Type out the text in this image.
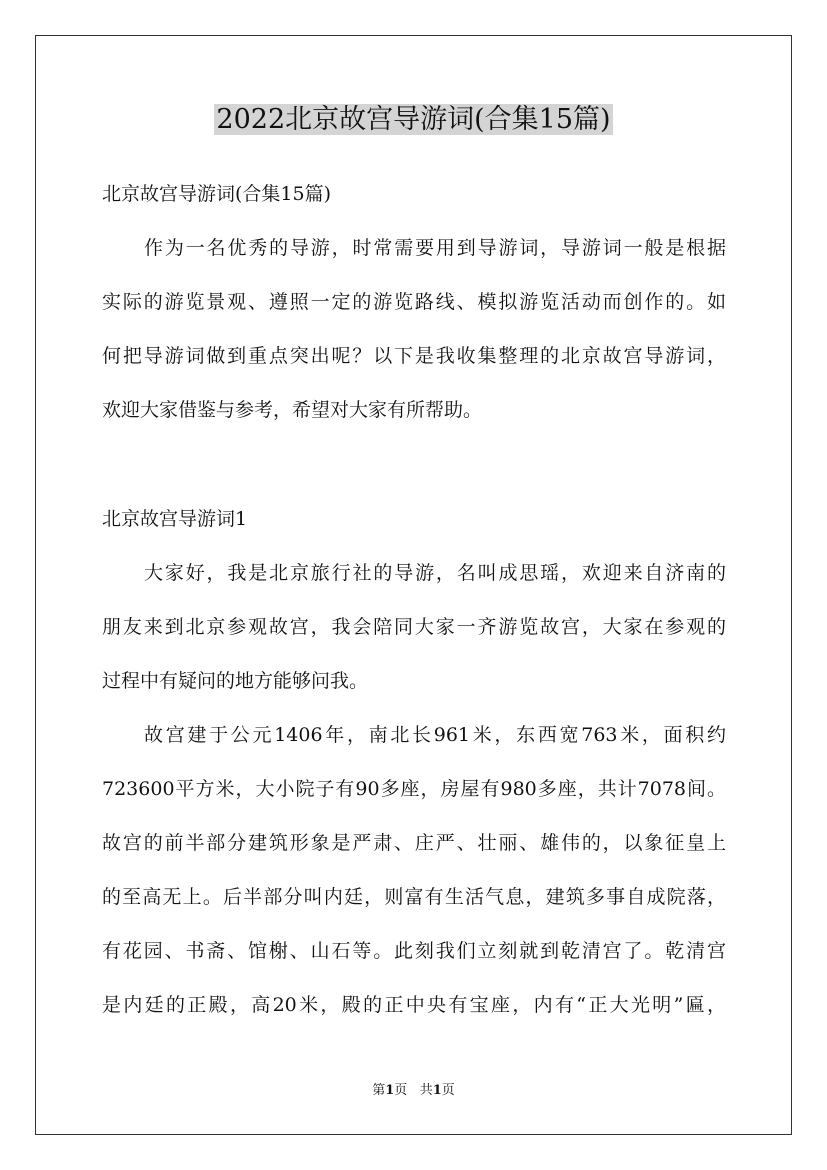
2022北京故宫导游词(合集15篇)

北京故宫导游词(合集15篇)

作为一名优秀的导游，时常需要用到导游词，导游词一般是根据

实际的游览景观、遵照一定的游览路线、模拟游览活动而创作的。如

何把导游词做到重点突出呢？以下是我收集整理的北京故宫导游词，

欢迎大家借鉴与参考，希望对大家有所帮助。

北京故宫导游词1

大家好，我是北京旅行社的导游，名叫成思瑶，欢迎来自济南的

朋友来到北京参观故宫，我会陪同大家一齐游览故宫，大家在参观的

过程中有疑问的地方能够问我。

故宫建于公元1406年，南北长961米，东西宽763米，面积约

723600平方米，大小院子有90多座，房屋有980多座，共计7078间。

故宫的前半部分建筑形象是严肃、庄严、壮丽、雄伟的，以象征皇上

的至高无上。后半部分叫内廷，则富有生活气息，建筑多事自成院落，

有花园、书斋、馆榭、山石等。此刻我们立刻就到乾清宫了。乾清宫

是内廷的正殿，高20米，殿的正中央有宝座，内有“正大光明”匾，

第1页 共1页
